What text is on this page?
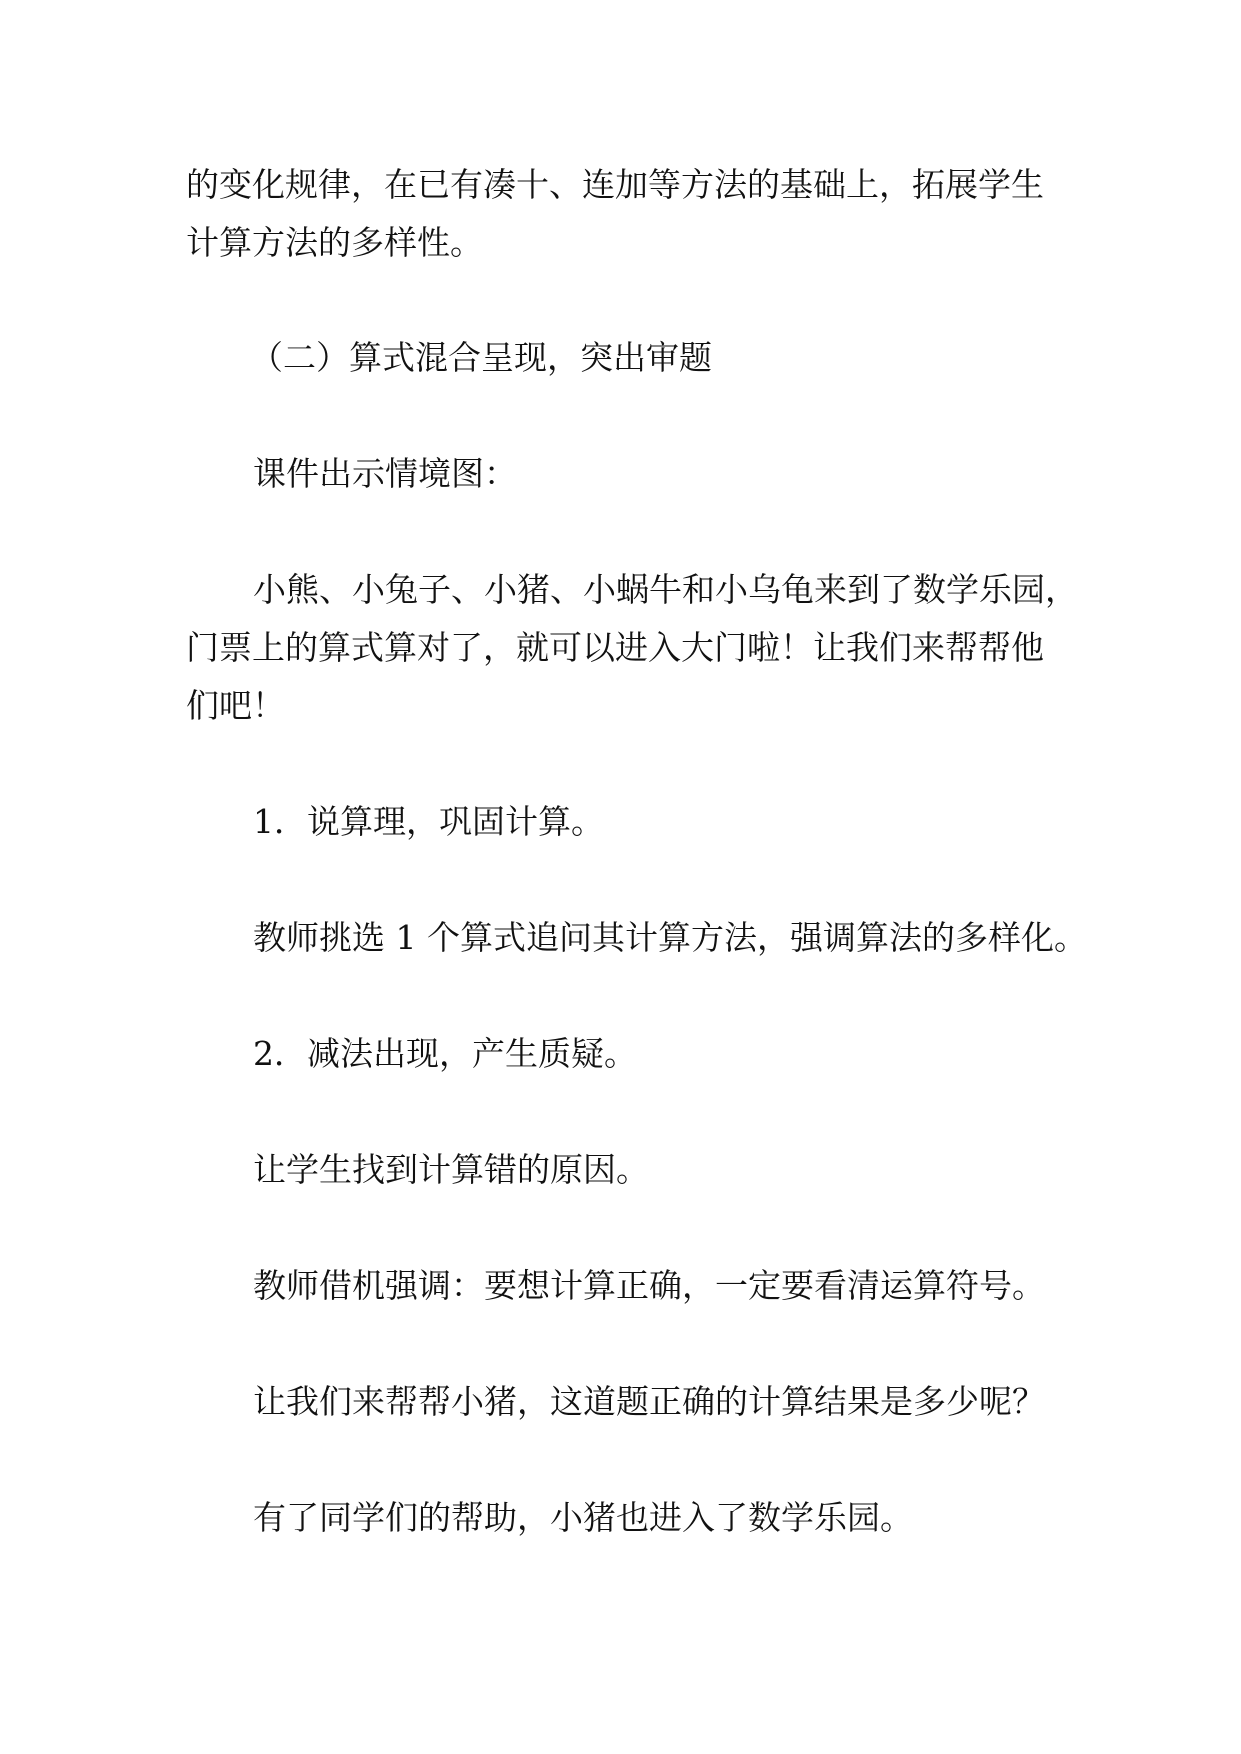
的变化规律，在已有凑十、连加等方法的基础上，拓展学生
计算方法的多样性。
（二）算式混合呈现，突出审题
课件出示情境图：
小熊、小兔子、小猪、小蜗牛和小乌龟来到了数学乐园，
门票上的算式算对了，就可以进入大门啦！让我们来帮帮他
们吧！
1．说算理，巩固计算。
教师挑选 1 个算式追问其计算方法，强调算法的多样化。
2．减法出现，产生质疑。
让学生找到计算错的原因。
教师借机强调：要想计算正确，一定要看清运算符号。
让我们来帮帮小猪，这道题正确的计算结果是多少呢？
有了同学们的帮助，小猪也进入了数学乐园。
